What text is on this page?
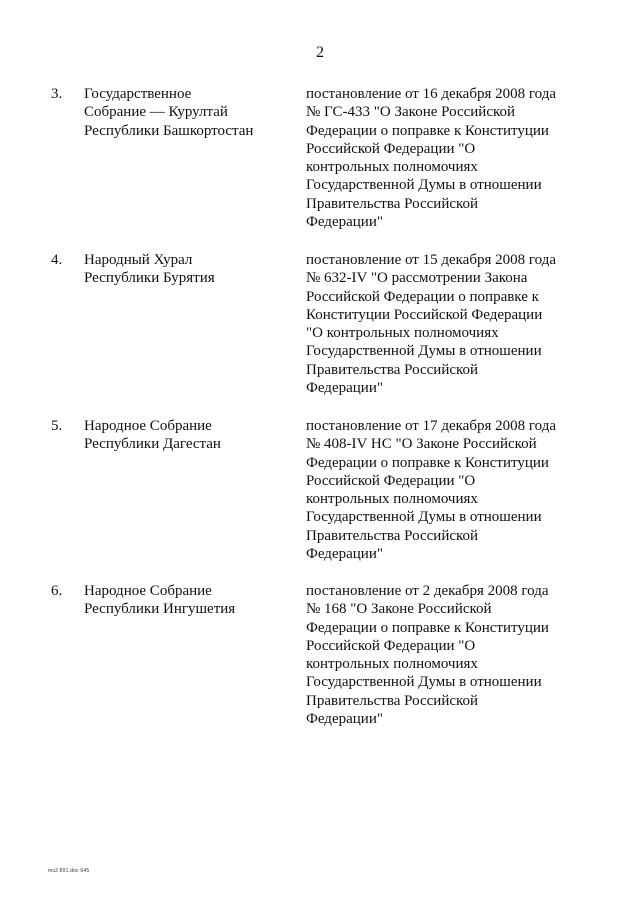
2
3. Государственное
Собрание — Курултай
Республики Башкортостан
постановление от 16 декабря 2008 года
№ ГС-433 "О Законе Российской
Федерации о поправке к Конституции
Российской Федерации "О
контрольных полномочиях
Государственной Думы в отношении
Правительства Российской
Федерации"
4. Народный Хурал
Республики Бурятия
постановление от 15 декабря 2008 года
№ 632-IV "О рассмотрении Закона
Российской Федерации о поправке к
Конституции Российской Федерации
"О контрольных полномочиях
Государственной Думы в отношении
Правительства Российской
Федерации"
5. Народное Собрание
Республики Дагестан
постановление от 17 декабря 2008 года
№ 408-IV НС "О Законе Российской
Федерации о поправке к Конституции
Российской Федерации "О
контрольных полномочиях
Государственной Думы в отношении
Правительства Российской
Федерации"
6. Народное Собрание
Республики Ингушетия
постановление от 2 декабря 2008 года
№ 168 "О Законе Российской
Федерации о поправке к Конституции
Российской Федерации "О
контрольных полномочиях
Государственной Думы в отношении
Правительства Российской
Федерации"
ms2 891.doc 645
